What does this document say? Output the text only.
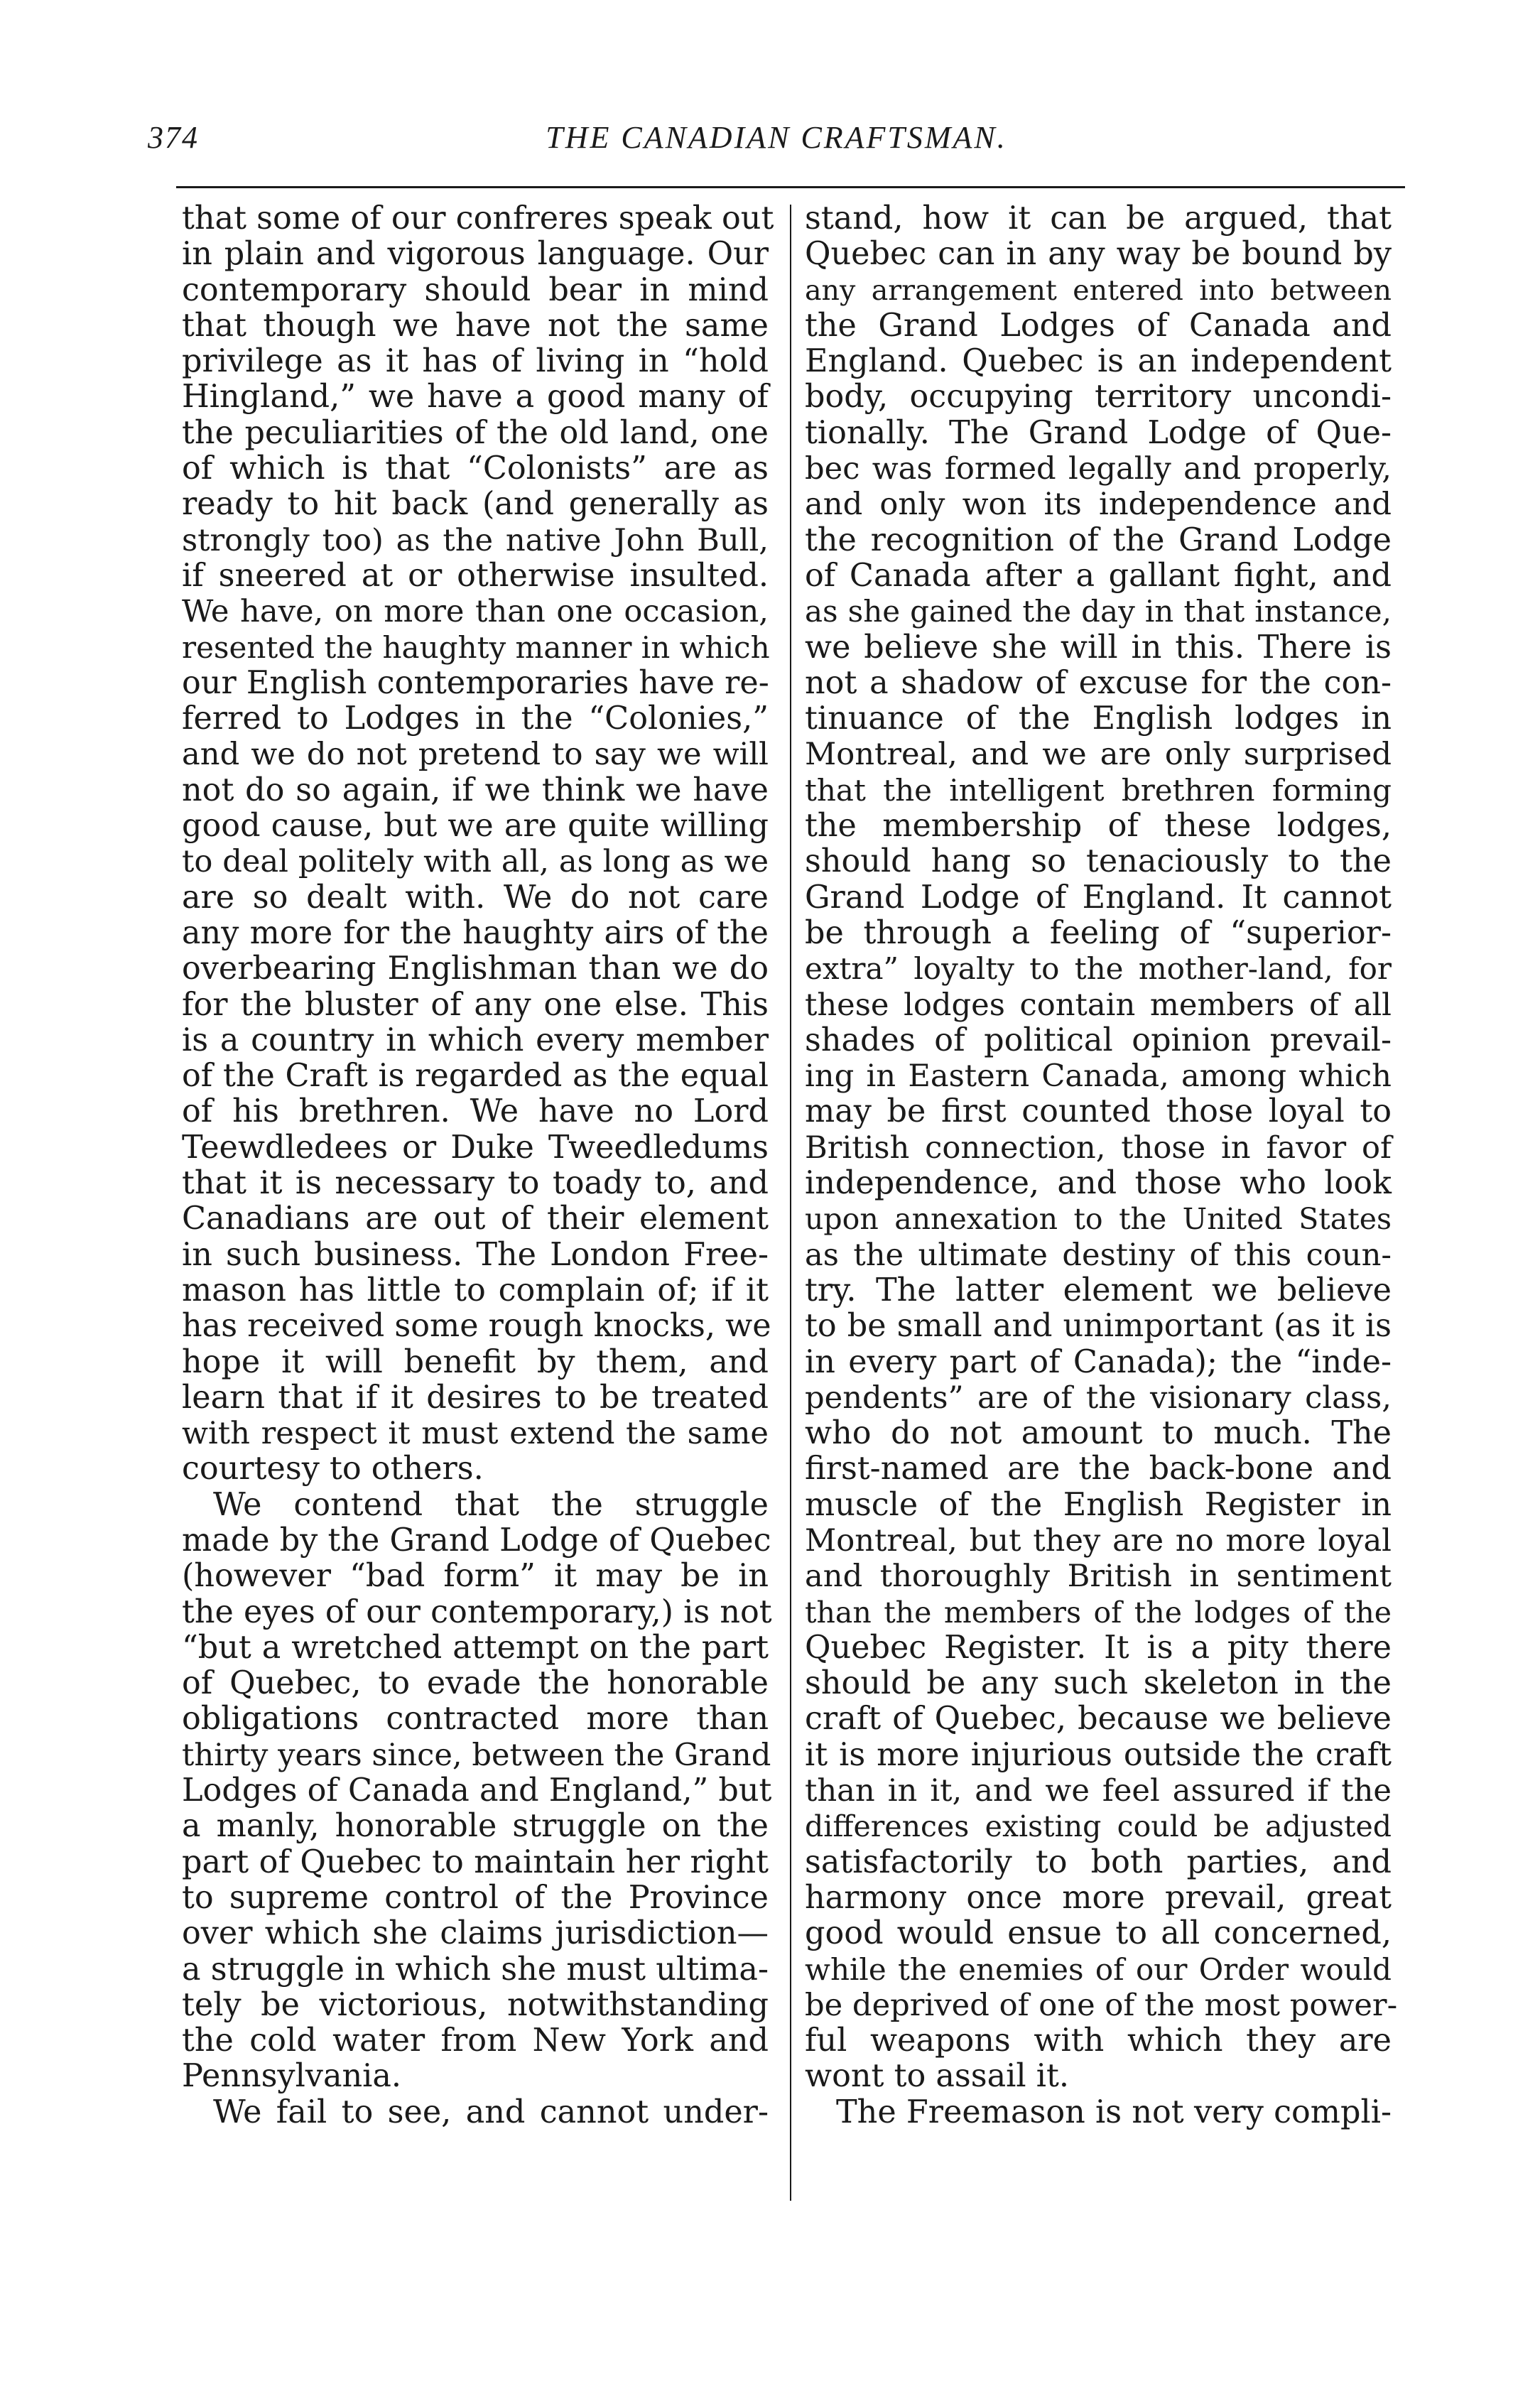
374	THE CANADIAN CRAFTSMAN.
that some of our confreres speak out
in plain and vigorous language. Our
contemporary should bear in mind
that though we have not the same
privilege as it has of living in “hold
Hingland,” we have a good many of
the peculiarities of the old land, one
of which is that “Colonists” are as
ready to hit back (and generally as
strongly too) as the native John Bull,
if sneered at or otherwise insulted.
We have, on more than one occasion,
resented the haughty manner in which
our English contemporaries have re-
ferred to Lodges in the “Colonies,”
and we do not pretend to say we will
not do so again, if we think we have
good cause, but we are quite willing
to deal politely with all, as long as we
are so dealt with. We do not care
any more for the haughty airs of the
overbearing Englishman than we do
for the bluster of any one else. This
is a country in which every member
of the Craft is regarded as the equal
of his brethren. We have no Lord
Teewdledees or Duke Tweedledums
that it is necessary to toady to, and
Canadians are out of their element
in such business. The London Free-
mason has little to complain of; if it
has received some rough knocks, we
hope it will benefit by them, and
learn that if it desires to be treated
with respect it must extend the same
courtesy to others.
We contend that the struggle
made by the Grand Lodge of Quebec
(however “bad form” it may be in
the eyes of our contemporary,) is not
“but a wretched attempt on the part
of Quebec, to evade the honorable
obligations contracted more than
thirty years since, between the Grand
Lodges of Canada and England,” but
a manly, honorable struggle on the
part of Quebec to maintain her right
to supreme control of the Province
over which she claims jurisdiction—
a struggle in which she must ultima-
tely be victorious, notwithstanding
the cold water from New York and
Pennsylvania.
We fail to see, and cannot under-
stand, how it can be argued, that
Quebec can in any way be bound by
any arrangement entered into between
the Grand Lodges of Canada and
England. Quebec is an independent
body, occupying territory uncondi-
tionally. The Grand Lodge of Que-
bec was formed legally and properly,
and only won its independence and
the recognition of the Grand Lodge
of Canada after a gallant fight, and
as she gained the day in that instance,
we believe she will in this. There is
not a shadow of excuse for the con-
tinuance of the English lodges in
Montreal, and we are only surprised
that the intelligent brethren forming
the membership of these lodges,
should hang so tenaciously to the
Grand Lodge of England. It cannot
be through a feeling of “superior-
extra” loyalty to the mother-land, for
these lodges contain members of all
shades of political opinion prevail-
ing in Eastern Canada, among which
may be first counted those loyal to
British connection, those in favor of
independence, and those who look
upon annexation to the United States
as the ultimate destiny of this coun-
try. The latter element we believe
to be small and unimportant (as it is
in every part of Canada); the “inde-
pendents” are of the visionary class,
who do not amount to much. The
first-named are the back-bone and
muscle of the English Register in
Montreal, but they are no more loyal
and thoroughly British in sentiment
than the members of the lodges of the
Quebec Register. It is a pity there
should be any such skeleton in the
craft of Quebec, because we believe
it is more injurious outside the craft
than in it, and we feel assured if the
differences existing could be adjusted
satisfactorily to both parties, and
harmony once more prevail, great
good would ensue to all concerned,
while the enemies of our Order would
be deprived of one of the most power-
ful weapons with which they are
wont to assail it.
The Freemason is not very compli-
